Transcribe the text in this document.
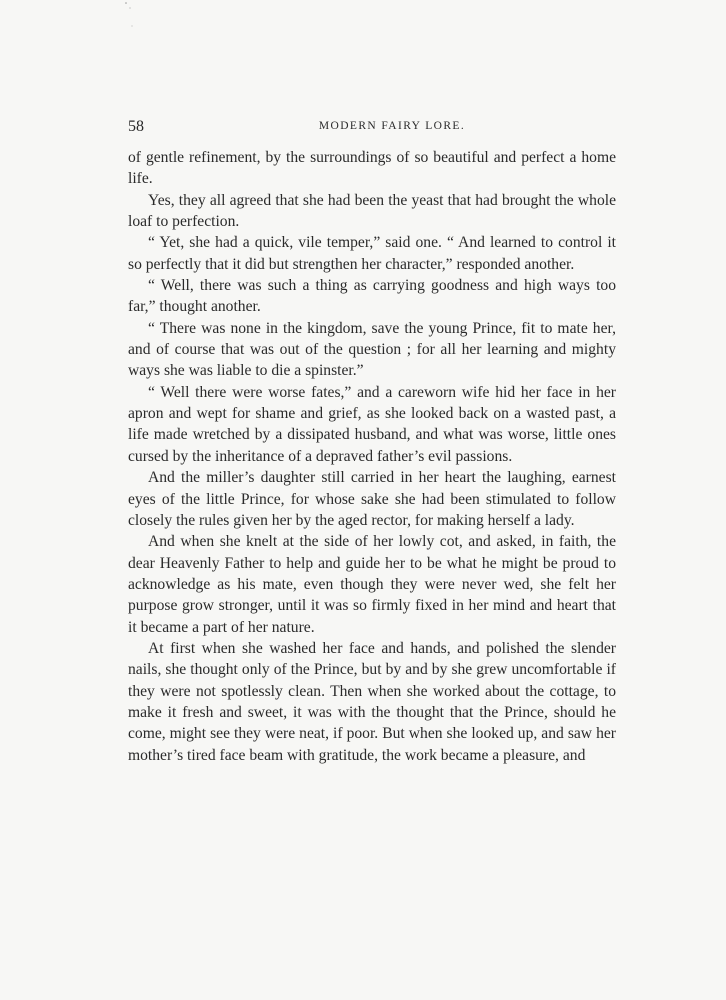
58	MODERN FAIRY LORE.

of gentle refinement, by the surroundings of so beautiful and perfect a home life.

Yes, they all agreed that she had been the yeast that had brought the whole loaf to perfection.

“ Yet, she had a quick, vile temper,” said one. “ And learned to control it so perfectly that it did but strengthen her character,” responded another.

“ Well, there was such a thing as carrying goodness and high ways too far,” thought another.

“ There was none in the kingdom, save the young Prince, fit to mate her, and of course that was out of the question ; for all her learning and mighty ways she was liable to die a spinster.”

“ Well there were worse fates,” and a careworn wife hid her face in her apron and wept for shame and grief, as she looked back on a wasted past, a life made wretched by a dissipated husband, and what was worse, little ones cursed by the inheritance of a depraved father’s evil passions.

And the miller’s daughter still carried in her heart the laughing, earnest eyes of the little Prince, for whose sake she had been stimulated to follow closely the rules given her by the aged rector, for making herself a lady.

And when she knelt at the side of her lowly cot, and asked, in faith, the dear Heavenly Father to help and guide her to be what he might be proud to acknowledge as his mate, even though they were never wed, she felt her purpose grow stronger, until it was so firmly fixed in her mind and heart that it became a part of her nature.

At first when she washed her face and hands, and polished the slender nails, she thought only of the Prince, but by and by she grew uncomfortable if they were not spotlessly clean. Then when she worked about the cottage, to make it fresh and sweet, it was with the thought that the Prince, should he come, might see they were neat, if poor. But when she looked up, and saw her mother’s tired face beam with gratitude, the work became a pleasure, and
